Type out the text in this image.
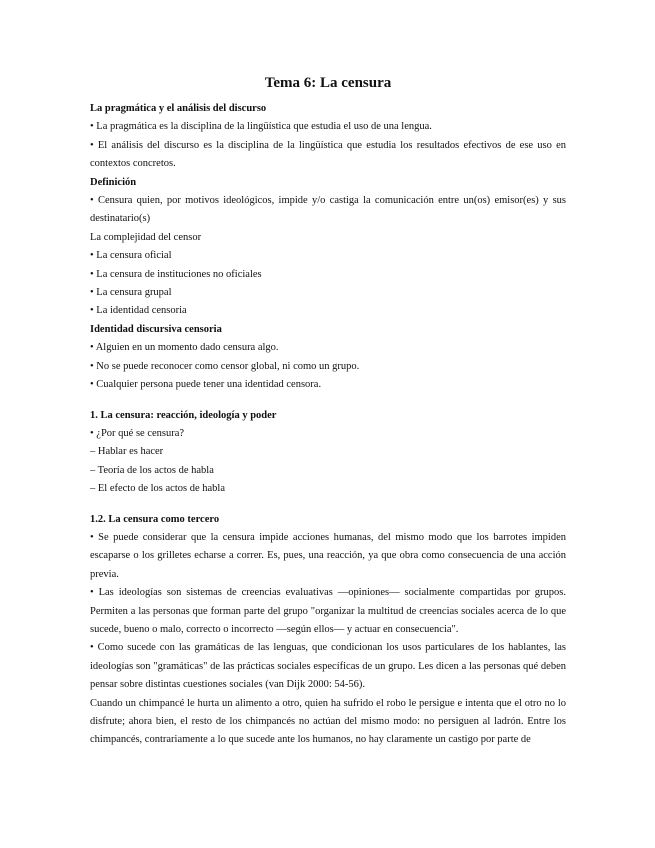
Tema 6: La censura

La pragmática y el análisis del discurso

• La pragmática es la disciplina de la lingüística que estudia el uso de una lengua.

• El análisis del discurso es la disciplina de la lingüística que estudia los resultados efectivos de ese uso en contextos concretos.

Definición

• Censura quien, por motivos ideológicos, impide y/o castiga la comunicación entre un(os) emisor(es) y sus destinatario(s)

La complejidad del censor

• La censura oficial

• La censura de instituciones no oficiales

• La censura grupal

• La identidad censoria

Identidad discursiva censoria

• Alguien en un momento dado censura algo.

• No se puede reconocer como censor global, ni como un grupo.

• Cualquier persona puede tener una identidad censora.

1. La censura: reacción, ideología y poder

• ¿Por qué se censura?

– Hablar es hacer

– Teoría de los actos de habla

– El efecto de los actos de habla

1.2. La censura como tercero

• Se puede considerar que la censura impide acciones humanas, del mismo modo que los barrotes impiden escaparse o los grilletes echarse a correr. Es, pues, una reacción, ya que obra como consecuencia de una acción previa.

• Las ideologías son sistemas de creencias evaluativas —opiniones— socialmente compartidas por grupos. Permiten a las personas que forman parte del grupo "organizar la multitud de creencias sociales acerca de lo que sucede, bueno o malo, correcto o incorrecto —según ellos— y actuar en consecuencia".

• Como sucede con las gramáticas de las lenguas, que condicionan los usos particulares de los hablantes, las ideologías son "gramáticas" de las prácticas sociales específicas de un grupo. Les dicen a las personas qué deben pensar sobre distintas cuestiones sociales (van Dijk 2000: 54-56).

Cuando un chimpancé le hurta un alimento a otro, quien ha sufrido el robo le persigue e intenta que el otro no lo disfrute; ahora bien, el resto de los chimpancés no actúan del mismo modo: no persiguen al ladrón. Entre los chimpancés, contrariamente a lo que sucede ante los humanos, no hay claramente un castigo por parte de
